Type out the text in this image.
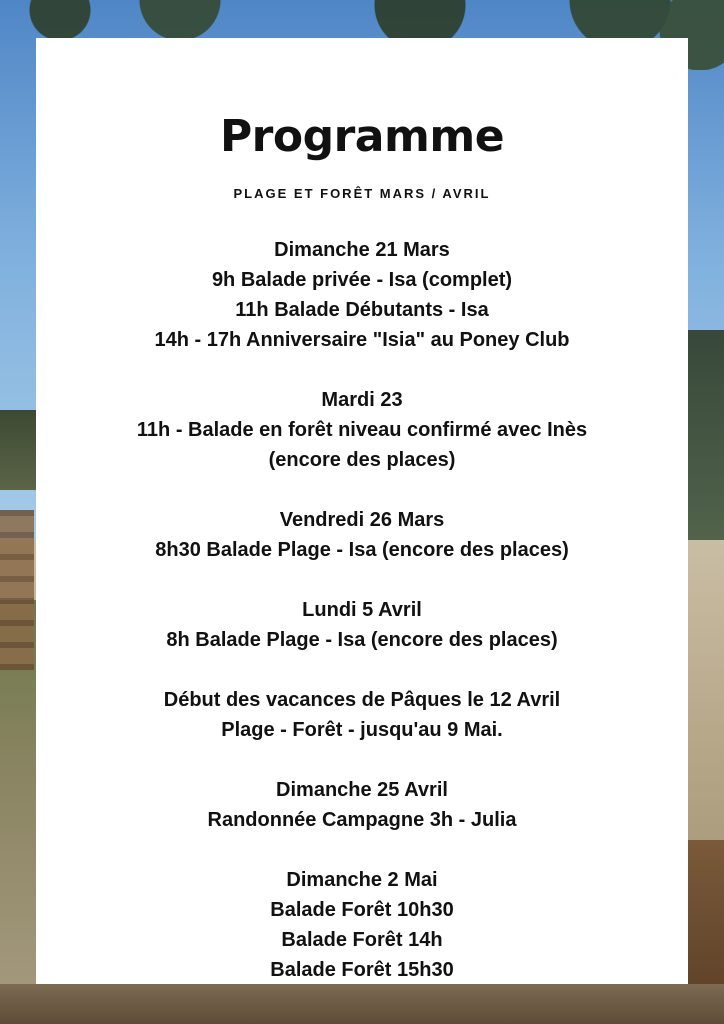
Programme
PLAGE ET FORÊT MARS / AVRIL
Dimanche 21 Mars
9h Balade privée - Isa (complet)
11h Balade Débutants - Isa
14h - 17h Anniversaire "Isia" au Poney Club
Mardi 23
11h - Balade en forêt niveau confirmé avec Inès
(encore des places)
Vendredi 26 Mars
8h30 Balade Plage - Isa (encore des places)
Lundi 5 Avril
8h Balade Plage - Isa (encore des places)
Début des vacances de Pâques le 12 Avril
Plage - Forêt - jusqu'au 9 Mai.
Dimanche 25 Avril
Randonnée Campagne 3h - Julia
Dimanche 2 Mai
Balade Forêt 10h30
Balade Forêt 14h
Balade Forêt 15h30
